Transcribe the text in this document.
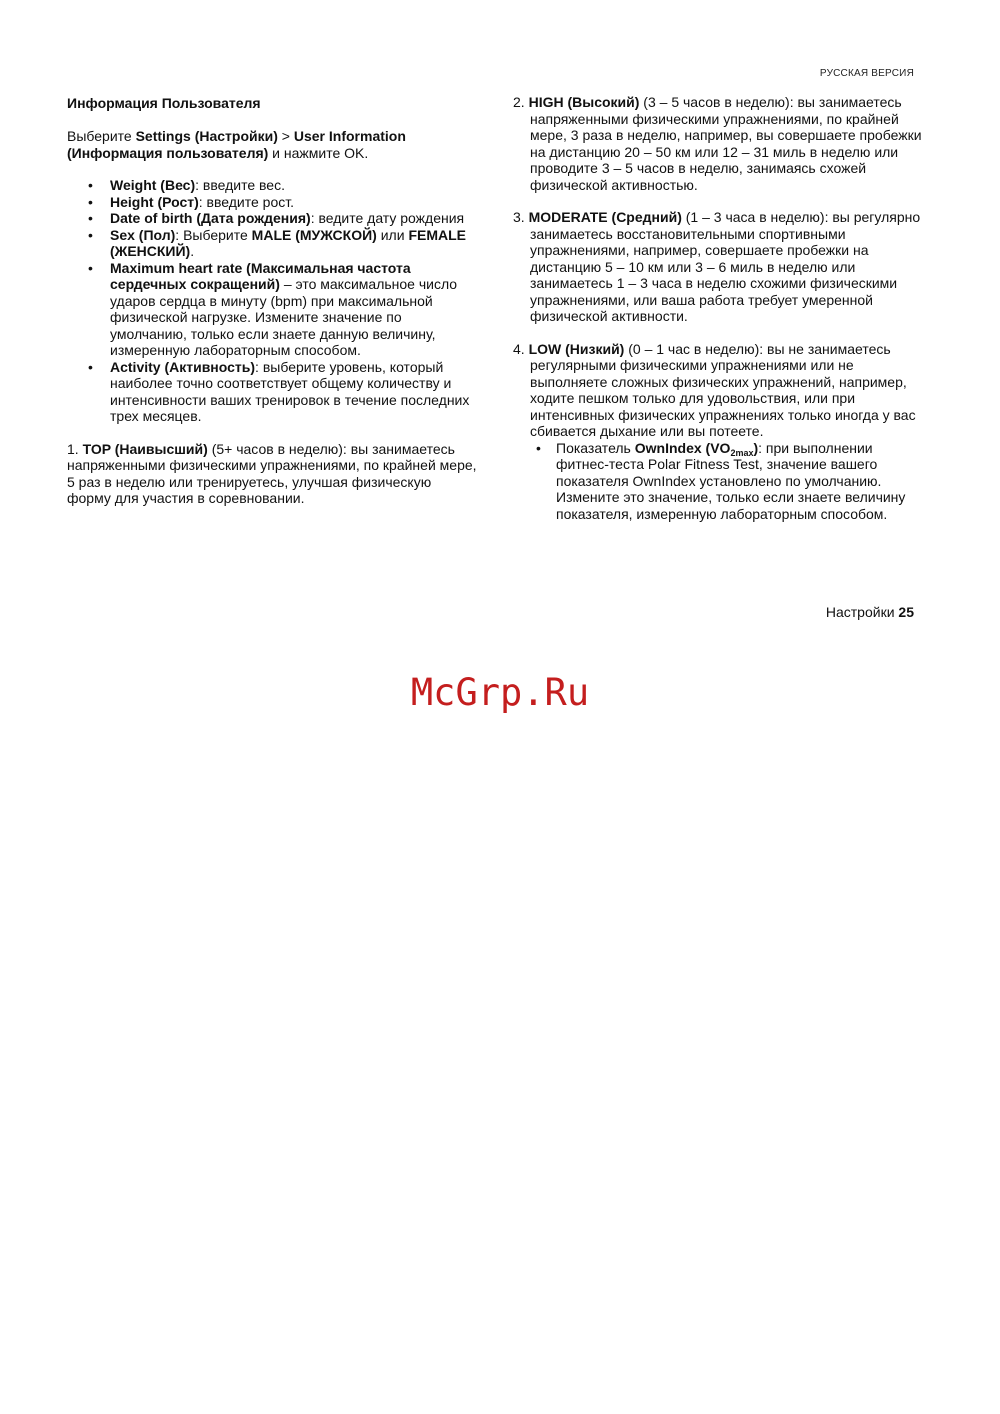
РУССКАЯ ВЕРСИЯ
Информация Пользователя

Выберите Settings (Настройки) > User Information (Информация пользователя) и нажмите OK.

• Weight (Вес): введите вес.
• Height (Рост): введите рост.
• Date of birth (Дата рождения): ведите дату рождения
• Sex (Пол): Выберите MALE (МУЖСКОЙ) или FEMALE (ЖЕНСКИЙ).
• Maximum heart rate (Максимальная частота сердечных сокращений) – это максимальное число ударов сердца в минуту (bpm) при максимальной физической нагрузке. Измените значение по умолчанию, только если знаете данную величину, измеренную лабораторным способом.
• Activity (Активность): выберите уровень, который наиболее точно соответствует общему количеству и интенсивности ваших тренировок в течение последних трех месяцев.

1. TOP (Наивысший) (5+ часов в неделю): вы занимаетесь напряженными физическими упражнениями, по крайней мере, 5 раз в неделю или тренируетесь, улучшая физическую форму для участия в соревновании.

2. HIGH (Высокий) (3 – 5 часов в неделю): вы занимаетесь напряженными физическими упражнениями, по крайней мере, 3 раза в неделю, например, вы совершаете пробежки на дистанцию 20 – 50 км или 12 – 31 миль в неделю или проводите 3 – 5 часов в неделю, занимаясь схожей физической активностью.

3. MODERATE (Средний) (1 – 3 часа в неделю): вы регулярно занимаетесь восстановительными спортивными упражнениями, например, совершаете пробежки на дистанцию 5 – 10 км или 3 – 6 миль в неделю или занимаетесь 1 – 3 часа в неделю схожими физическими упражнениями, или ваша работа требует умеренной физической активности.

4. LOW (Низкий) (0 – 1 час в неделю): вы не занимаетесь регулярными физическими упражнениями или не выполняете сложных физических упражнений, например, ходите пешком только для удовольствия, или при интенсивных физических упражнениях только иногда у вас сбивается дыхание или вы потеете.

• Показатель OwnIndex $(VO_{2max})$: при выполнении фитнес-теста Polar Fitness Test, значение вашего показателя OwnIndex установлено по умолчанию. Измените это значение, только если знаете величину показателя, измеренную лабораторным способом.
Настройки 25
McGrp.Ru
